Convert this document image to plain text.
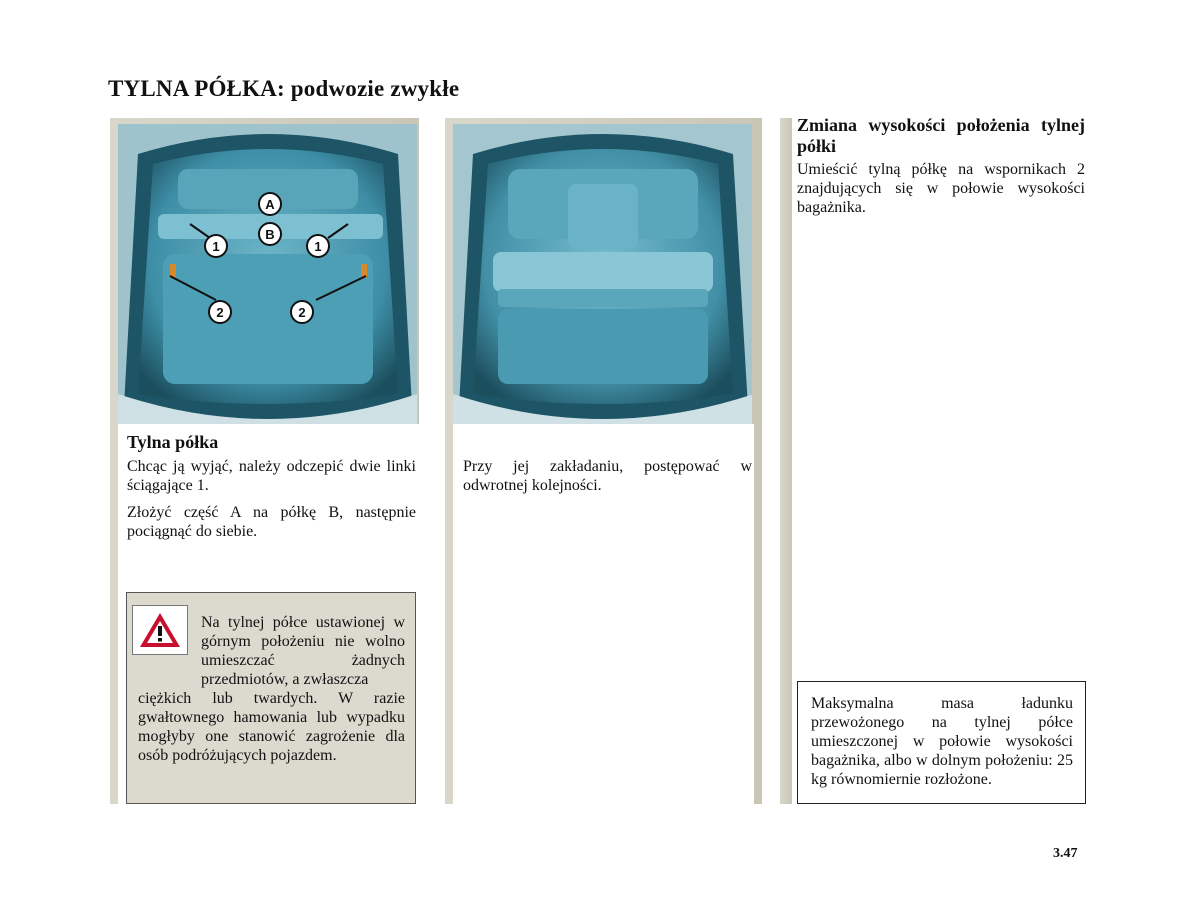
TYLNA PÓŁKA: podwozie zwykłe
A
B
1	1
2	2
Tylna półka
Chcąc ją wyjąć, należy odczepić dwie linki ściągające 1.
Złożyć część A na półkę B, następnie pociągnąć do siebie.
Na tylnej półce ustawionej w górnym położeniu nie wolno umieszczać żadnych przedmiotów, a zwłaszcza
ciężkich lub twardych. W razie gwałtownego hamowania lub wypadku mogłyby one stanowić zagrożenie dla osób podróżujących pojazdem.
Przy jej zakładaniu, postępować w odwrotnej kolejności.
Zmiana wysokości położenia tylnej półki
Umieścić tylną półkę na wspornikach 2 znajdujących się w połowie wysokości bagażnika.
Maksymalna masa ładunku przewożonego na tylnej półce umieszczonej w połowie wysokości bagażnika, albo w dolnym położeniu: 25 kg równomiernie rozłożone.
3.47
